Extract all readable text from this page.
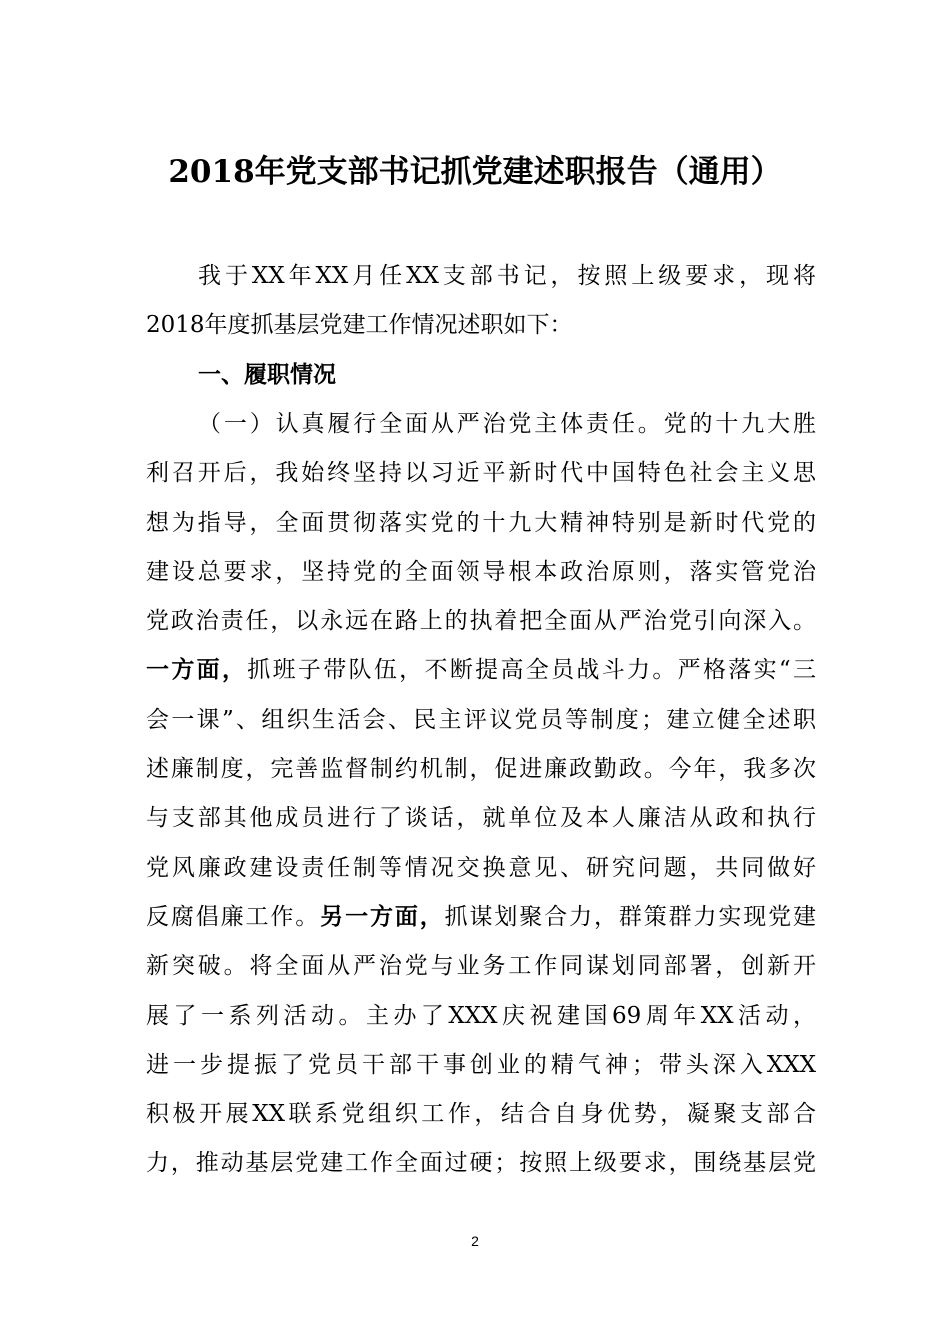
2018年党支部书记抓党建述职报告（通用）
我于XX年XX月任XX支部书记，按照上级要求，现将
2018年度抓基层党建工作情况述职如下：
一、履职情况
（一）认真履行全面从严治党主体责任。党的十九大胜
利召开后，我始终坚持以习近平新时代中国特色社会主义思
想为指导，全面贯彻落实党的十九大精神特别是新时代党的
建设总要求，坚持党的全面领导根本政治原则，落实管党治
党政治责任，以永远在路上的执着把全面从严治党引向深入。
一方面，抓班子带队伍，不断提高全员战斗力。严格落实“三
会一课”、组织生活会、民主评议党员等制度；建立健全述职
述廉制度，完善监督制约机制，促进廉政勤政。今年，我多次
与支部其他成员进行了谈话，就单位及本人廉洁从政和执行
党风廉政建设责任制等情况交换意见、研究问题，共同做好
反腐倡廉工作。另一方面，抓谋划聚合力，群策群力实现党建
新突破。将全面从严治党与业务工作同谋划同部署，创新开
展了一系列活动。主办了XXX庆祝建国69周年XX活动，
进一步提振了党员干部干事创业的精气神；带头深入XXX
积极开展XX联系党组织工作，结合自身优势，凝聚支部合
力，推动基层党建工作全面过硬；按照上级要求，围绕基层党
2
